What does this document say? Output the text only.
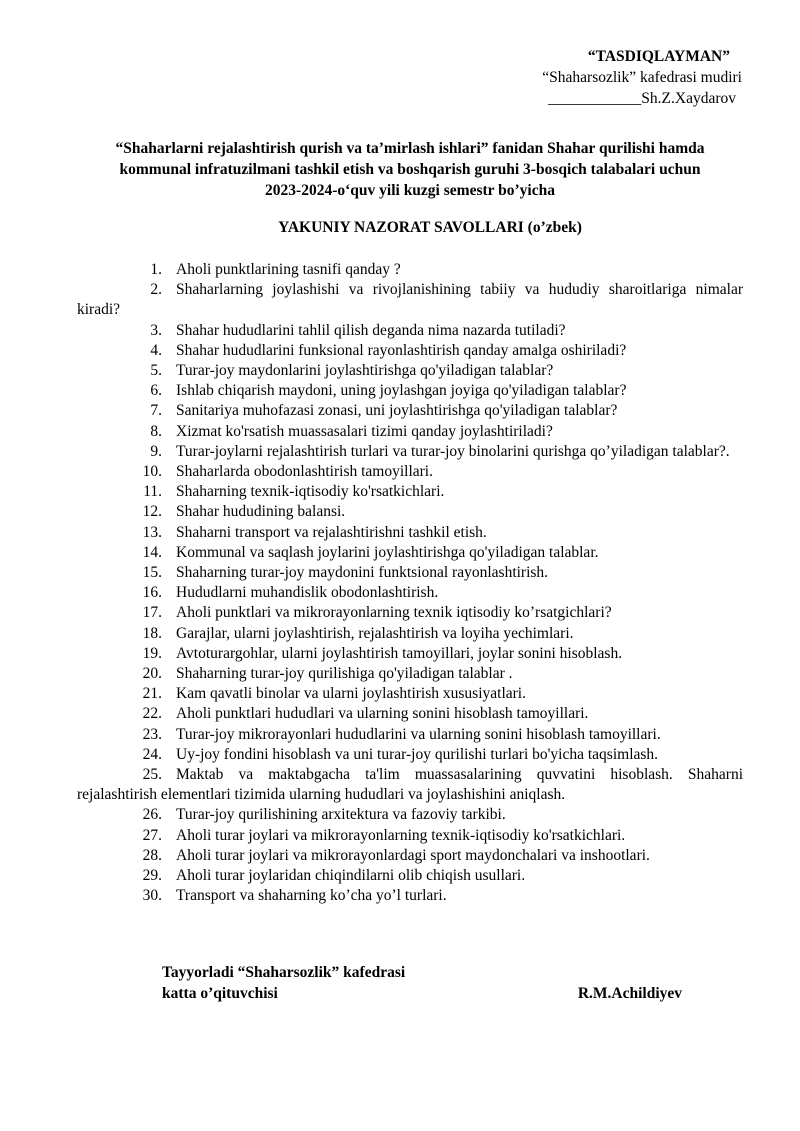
“TASDIQLAYMAN”
“Shaharsozlik” kafedrasi mudiri
____________Sh.Z.Xaydarov
“Shaharlarni rejalashtirish qurish va ta’mirlash ishlari” fanidan Shahar qurilishi hamda kommunal infratuzilmani tashkil etish va boshqarish guruhi 3-bosqich talabalari uchun 2023-2024-o‘quv yili kuzgi semestr bo’yicha
YAKUNIY NAZORAT SAVOLLARI (o’zbek)
1. Aholi punktlarining tasnifi qanday ?
2. Shaharlarning joylashishi va rivojlanishining tabiiy va hududiy sharoitlariga nimalar kiradi?
3. Shahar hududlarini tahlil qilish deganda nima nazarda tutiladi?
4. Shahar hududlarini funksional rayonlashtirish qanday amalga oshiriladi?
5. Turar-joy maydonlarini joylashtirishga qo'yiladigan talablar?
6. Ishlab chiqarish maydoni, uning joylashgan joyiga qo'yiladigan talablar?
7. Sanitariya muhofazasi zonasi, uni joylashtirishga qo'yiladigan talablar?
8. Xizmat ko'rsatish muassasalari tizimi qanday joylashtiriladi?
9. Turar-joylarni rejalashtirish turlari va turar-joy binolarini qurishga qo’yiladigan talablar?.
10. Shaharlarda obodonlashtirish tamoyillari.
11. Shaharning texnik-iqtisodiy ko'rsatkichlari.
12. Shahar hududining balansi.
13. Shaharni transport va rejalashtirishni tashkil etish.
14. Kommunal va saqlash joylarini joylashtirishga qo'yiladigan talablar.
15. Shaharning turar-joy maydonini funktsional rayonlashtirish.
16. Hududlarni muhandislik obodonlashtirish.
17. Aholi punktlari va mikrorayonlarning texnik iqtisodiy ko’rsatgichlari?
18. Garajlar, ularni joylashtirish, rejalashtirish va loyiha yechimlari.
19. Avtoturargohlar, ularni joylashtirish tamoyillari, joylar sonini hisoblash.
20. Shaharning turar-joy qurilishiga qo'yiladigan talablar .
21. Kam qavatli binolar va ularni joylashtirish xususiyatlari.
22. Aholi punktlari hududlari va ularning sonini hisoblash tamoyillari.
23. Turar-joy mikrorayonlari hududlarini va ularning sonini hisoblash tamoyillari.
24. Uy-joy fondini hisoblash va uni turar-joy qurilishi turlari bo'yicha taqsimlash.
25. Maktab va maktabgacha ta'lim muassasalarining quvvatini hisoblash. Shaharni rejalashtirish elementlari tizimida ularning hududlari va joylashishini aniqlash.
26. Turar-joy qurilishining arxitektura va fazoviy tarkibi.
27. Aholi turar joylari va mikrorayonlarning texnik-iqtisodiy ko'rsatkichlari.
28. Aholi turar joylari va mikrorayonlardagi sport maydonchalari va inshootlari.
29. Aholi turar joylaridan chiqindilarni olib chiqish usullari.
30. Transport va shaharning ko’cha yo’l turlari.
Tayyorladi “Shaharsozlik” kafedrasi
katta o’qituvchisi	R.M.Achildiyev
